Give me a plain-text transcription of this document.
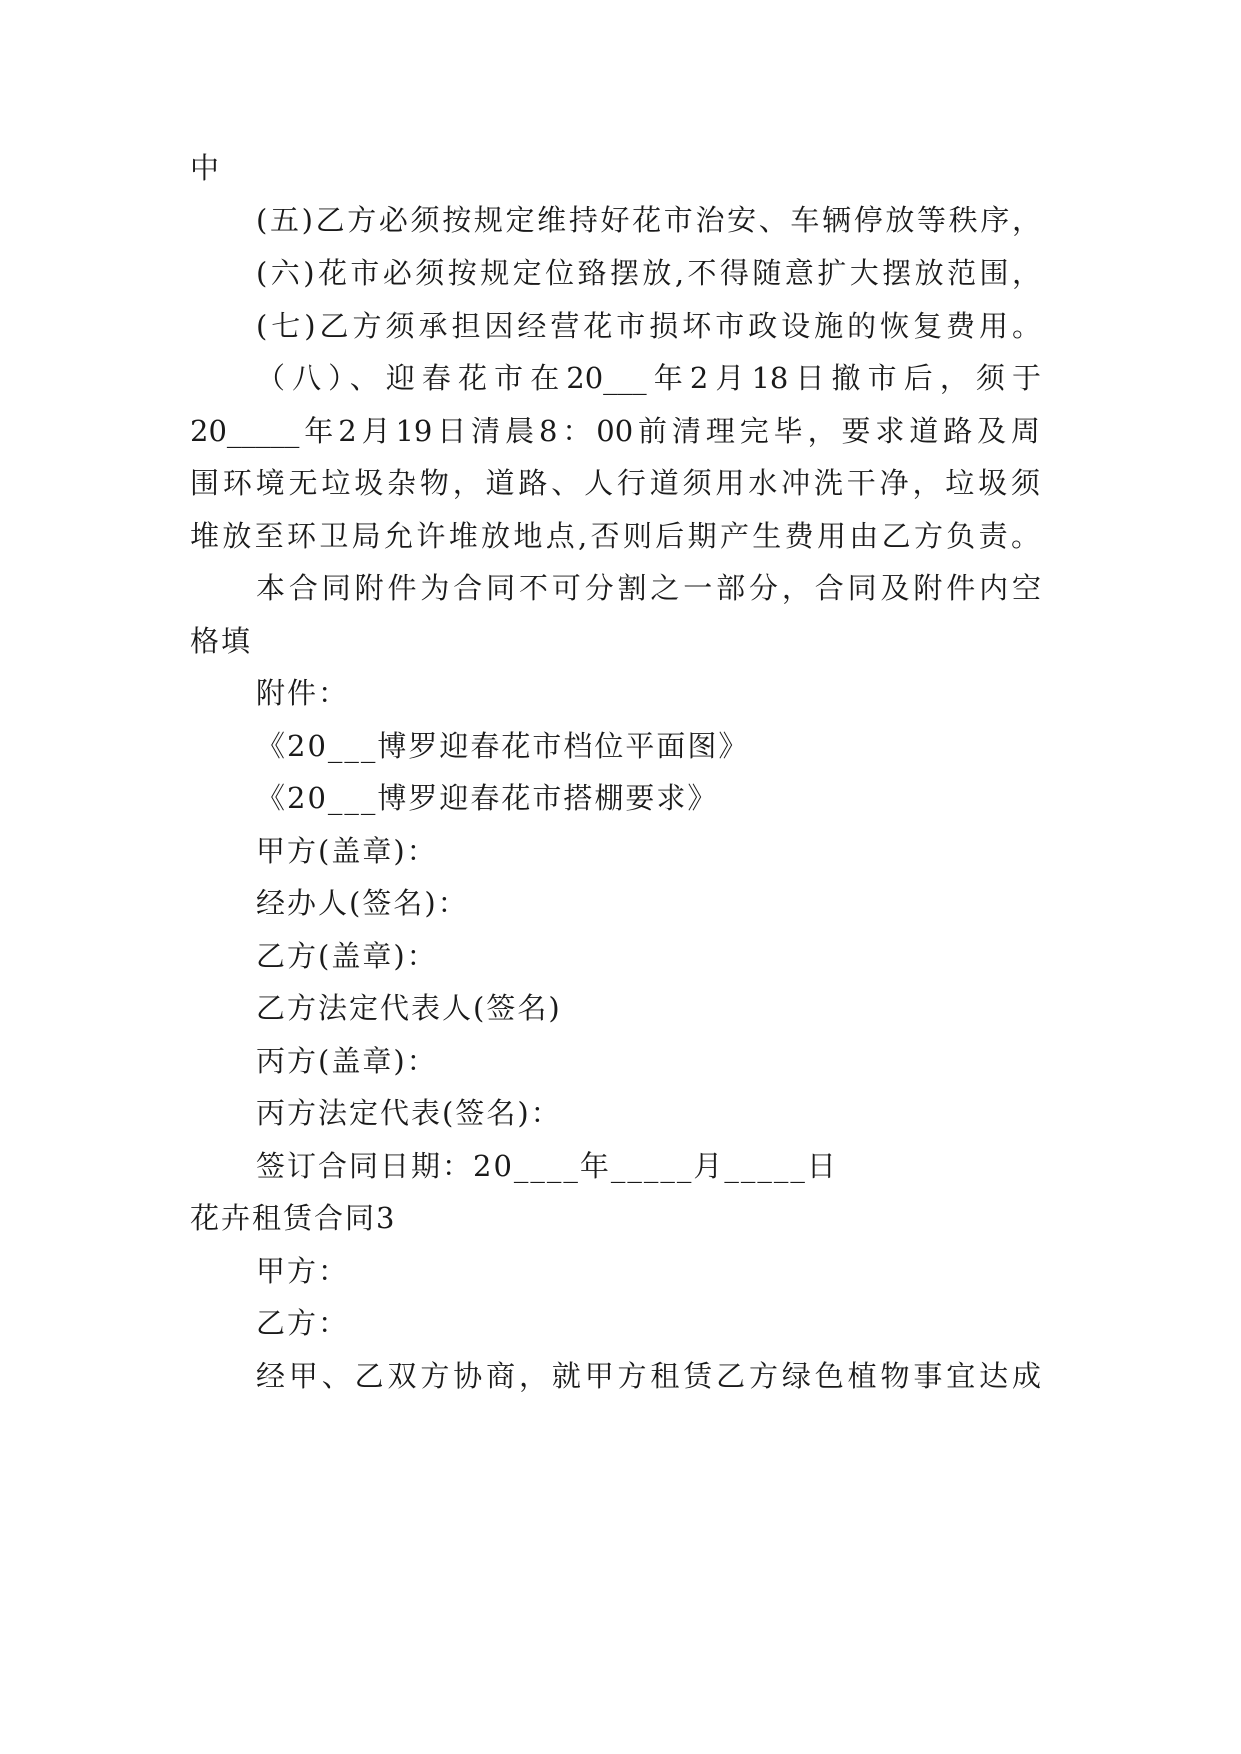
中
(五)乙方必须按规定维持好花市治安、车辆停放等秩序，
(六)花市必须按规定位臵摆放,不得随意扩大摆放范围，
(七)乙方须承担因经营花市损坏市政设施的恢复费用。
（八）、迎春花市在20___年2月18日撤市后，须于
20_____年2月19日清晨8：00前清理完毕，要求道路及周
围环境无垃圾杂物，道路、人行道须用水冲洗干净，垃圾须
堆放至环卫局允许堆放地点,否则后期产生费用由乙方负责。
本合同附件为合同不可分割之一部分，合同及附件内空
格填
附件：
《20___博罗迎春花市档位平面图》
《20___博罗迎春花市搭棚要求》
甲方(盖章)：
经办人(签名)：
乙方(盖章)：
乙方法定代表人(签名)
丙方(盖章)：
丙方法定代表(签名)：
签订合同日期：20____年_____月_____日
花卉租赁合同3
甲方：
乙方：
经甲、乙双方协商，就甲方租赁乙方绿色植物事宜达成
